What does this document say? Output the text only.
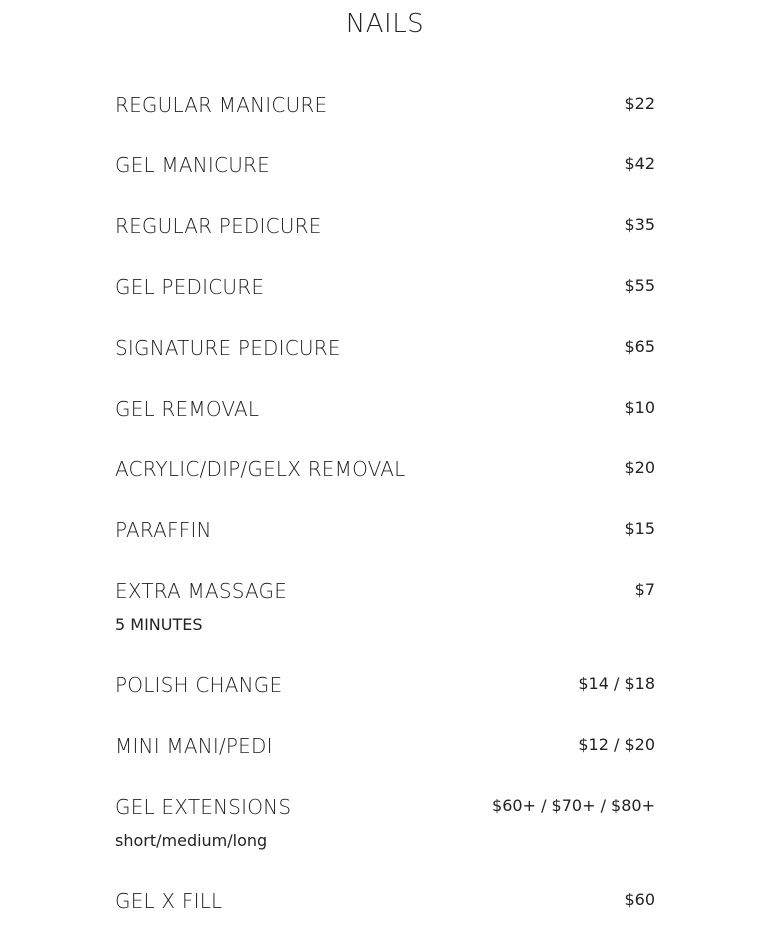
NAILS
REGULAR MANICURE	$22
GEL MANICURE	$42
REGULAR PEDICURE	$35
GEL PEDICURE	$55
SIGNATURE PEDICURE	$65
GEL REMOVAL	$10
ACRYLIC/DIP/GELX REMOVAL	$20
PARAFFIN	$15
EXTRA MASSAGE	$7
5 MINUTES
POLISH CHANGE	$14 / $18
MINI MANI/PEDI	$12 / $20
GEL EXTENSIONS	$60+ / $70+ / $80+
short/medium/long
GEL X FILL	$60
